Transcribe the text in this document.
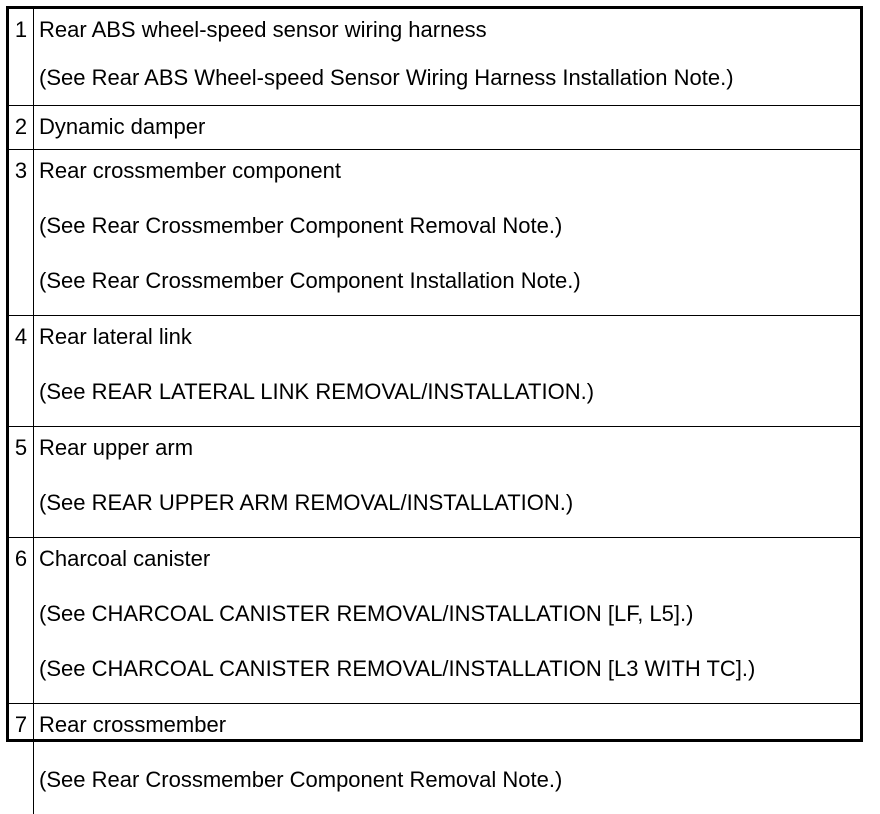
1 Rear ABS wheel-speed sensor wiring harness
(See Rear ABS Wheel-speed Sensor Wiring Harness Installation Note.)
2 Dynamic damper
3 Rear crossmember component
(See Rear Crossmember Component Removal Note.)
(See Rear Crossmember Component Installation Note.)
4 Rear lateral link
(See REAR LATERAL LINK REMOVAL/INSTALLATION.)
5 Rear upper arm
(See REAR UPPER ARM REMOVAL/INSTALLATION.)
6 Charcoal canister
(See CHARCOAL CANISTER REMOVAL/INSTALLATION [LF, L5].)
(See CHARCOAL CANISTER REMOVAL/INSTALLATION [L3 WITH TC].)
7 Rear crossmember
(See Rear Crossmember Component Removal Note.)
